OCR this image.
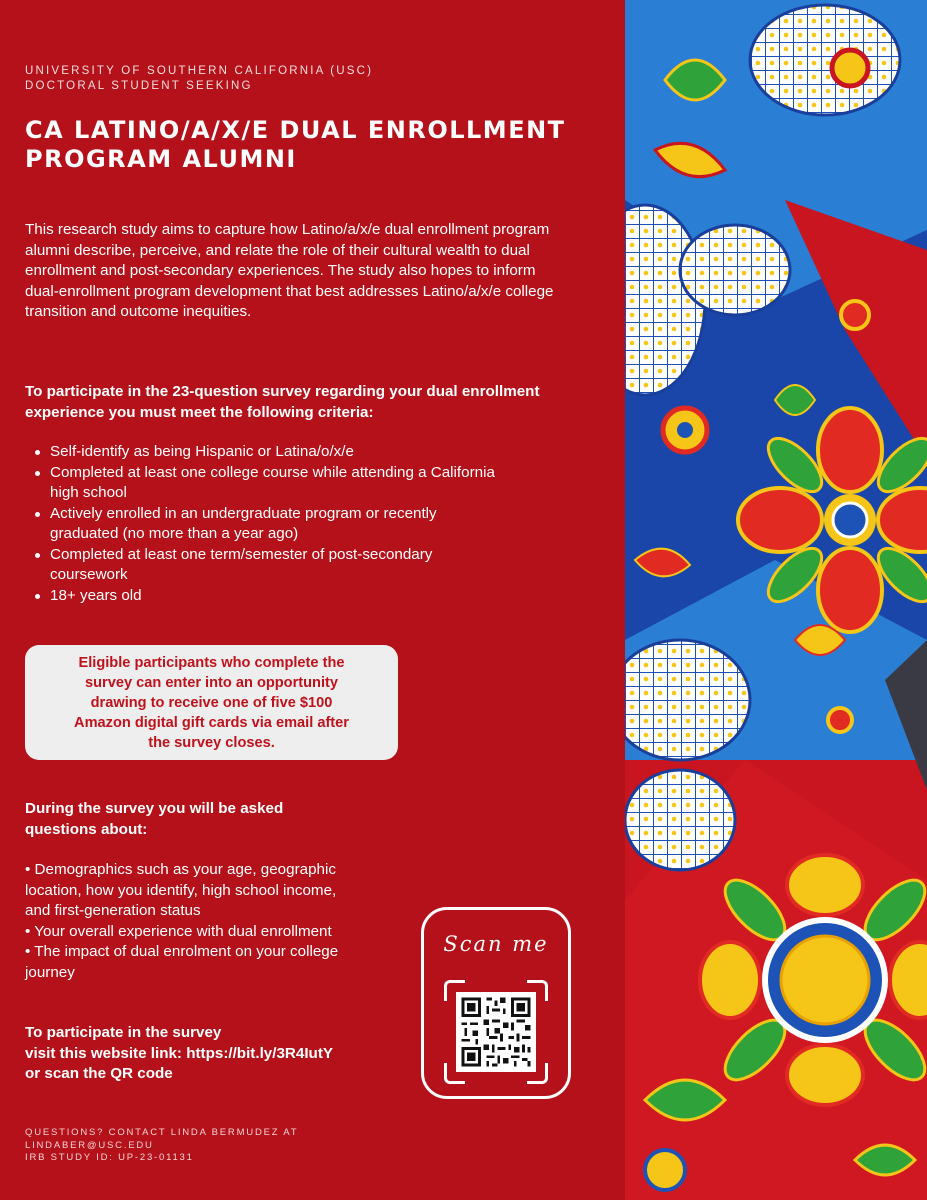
UNIVERSITY OF SOUTHERN CALIFORNIA (USC)
DOCTORAL STUDENT SEEKING
CA LATINO/A/X/E DUAL ENROLLMENT PROGRAM ALUMNI

This research study aims to capture how Latino/a/x/e dual enrollment program alumni describe, perceive, and relate the role of their cultural wealth to dual enrollment and post-secondary experiences. The study also hopes to inform dual-enrollment program development that best addresses Latino/a/x/e college transition and outcome inequities.

To participate in the 23-question survey regarding your dual enrollment experience you must meet the following criteria:

Self-identify as being Hispanic or Latina/o/x/e
Completed at least one college course while attending a California high school
Actively enrolled in an undergraduate program or recently graduated (no more than a year ago)
Completed at least one term/semester of post-secondary coursework
18+ years old
Eligible participants who complete the survey can enter into an opportunity drawing to receive one of five $100 Amazon digital gift cards via email after the survey closes.

During the survey you will be asked questions about:

• Demographics such as your age, geographic location, how you identify, high school income, and first-generation status
• Your overall experience with dual enrollment
• The impact of dual enrolment on your college journey

To participate in the survey
visit this website link: https://bit.ly/3R4IutY
or scan the QR code

Scan me
QUESTIONS? CONTACT LINDA BERMUDEZ AT
LINDABER@USC.EDU
IRB STUDY ID: UP-23-01131
